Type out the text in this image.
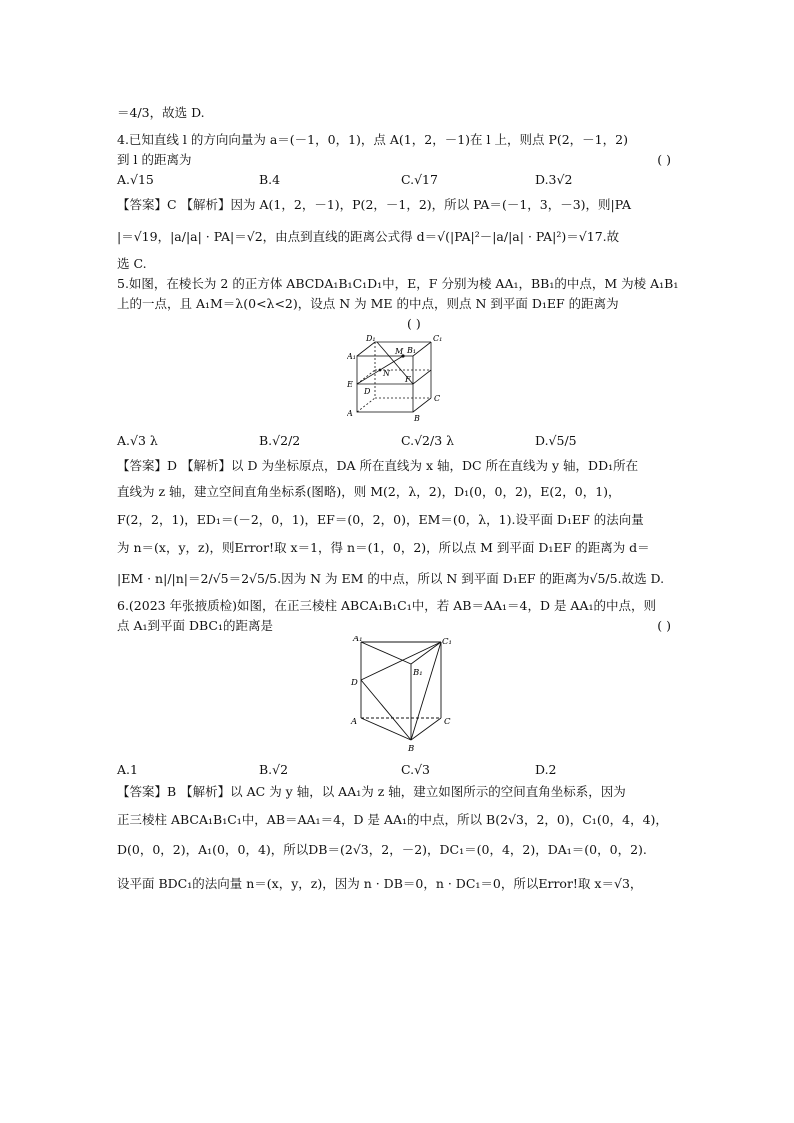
＝4/3，故选 D.
4.已知直线 l 的方向向量为 a＝(－1，0，1)，点 A(1，2，－1)在 l 上，则点 P(2，－1，2)
到 l 的距离为	( )
A.√15	B.4	C.√17	D.3√2
【答案】C 【解析】因为 A(1，2，－1)，P(2，－1，2)，所以 PA＝(－1，3，－3)，则|PA
|＝√19，|a/|a| · PA|＝√2，由点到直线的距离公式得 d＝√(|PA|²－|a/|a| · PA|²)＝√17.故
选 C.
5.如图，在棱长为 2 的正方体 ABCDA₁B₁C₁D₁中，E，F 分别为棱 AA₁，BB₁的中点，M 为棱 A₁B₁
上的一点，且 A₁M＝λ(0<λ<2)，设点 N 为 ME 的中点，则点 N 到平面 D₁EF 的距离为
( )
D₁	C₁
A₁
M B₁
N
E
D
F
C
A
B
A.√3 λ	B.√2/2	C.√2/3 λ	D.√5/5
【答案】D 【解析】以 D 为坐标原点，DA 所在直线为 x 轴，DC 所在直线为 y 轴，DD₁所在
直线为 z 轴，建立空间直角坐标系(图略)，则 M(2，λ，2)，D₁(0，0，2)，E(2，0，1)，
F(2，2，1)，ED₁＝(－2，0，1)，EF＝(0，2，0)，EM＝(0，λ，1).设平面 D₁EF 的法向量
为 n＝(x，y，z)，则Error!取 x＝1，得 n＝(1，0，2)，所以点 M 到平面 D₁EF 的距离为 d＝
|EM · n|/|n|＝2/√5＝2√5/5.因为 N 为 EM 的中点，所以 N 到平面 D₁EF 的距离为√5/5.故选 D.
6.(2023 年张掖质检)如图，在正三棱柱 ABCA₁B₁C₁中，若 AB＝AA₁＝4，D 是 AA₁的中点，则
点 A₁到平面 DBC₁的距离是	( )
A₁	C₁
B₁
D
A	C
B
A.1	B.√2	C.√3	D.2
【答案】B 【解析】以 AC 为 y 轴，以 AA₁为 z 轴，建立如图所示的空间直角坐标系，因为
正三棱柱 ABCA₁B₁C₁中，AB＝AA₁＝4，D 是 AA₁的中点，所以 B(2√3，2，0)，C₁(0，4，4)，
D(0，0，2)，A₁(0，0，4)，所以DB＝(2√3，2，－2)，DC₁＝(0，4，2)，DA₁＝(0，0，2).
设平面 BDC₁的法向量 n＝(x，y，z)，因为 n · DB＝0，n · DC₁＝0，所以Error!取 x＝√3，
